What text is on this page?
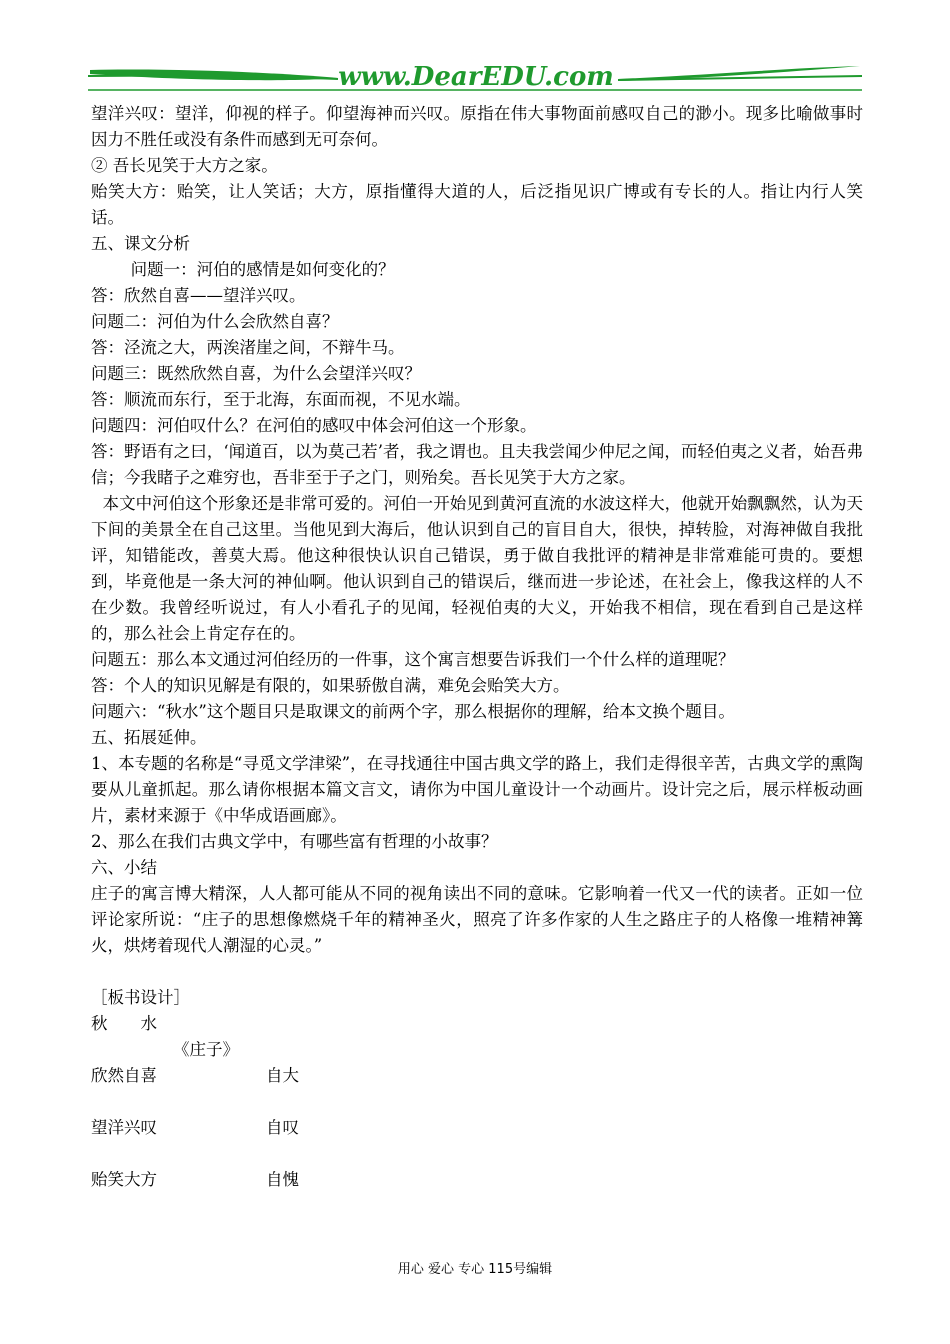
www.DearEDU.com

望洋兴叹：望洋，仰视的样子。仰望海神而兴叹。原指在伟大事物面前感叹自己的渺小。现多比喻做事时因力不胜任或没有条件而感到无可奈何。

② 吾长见笑于大方之家。

贻笑大方：贻笑，让人笑话；大方，原指懂得大道的人，后泛指见识广博或有专长的人。指让内行人笑话。

五、课文分析

问题一：河伯的感情是如何变化的？

答：欣然自喜——望洋兴叹。

问题二：河伯为什么会欣然自喜？

答：泾流之大，两涘渚崖之间，不辩牛马。

问题三：既然欣然自喜，为什么会望洋兴叹？

答：顺流而东行，至于北海，东面而视，不见水端。

问题四：河伯叹什么？在河伯的感叹中体会河伯这一个形象。

答：野语有之曰，‘闻道百，以为莫己若’者，我之谓也。且夫我尝闻少仲尼之闻，而轻伯夷之义者，始吾弗信；今我睹子之难穷也，吾非至于子之门，则殆矣。吾长见笑于大方之家。

本文中河伯这个形象还是非常可爱的。河伯一开始见到黄河直流的水波这样大，他就开始飘飘然，认为天下间的美景全在自己这里。当他见到大海后，他认识到自己的盲目自大，很快，掉转脸，对海神做自我批评，知错能改，善莫大焉。他这种很快认识自己错误，勇于做自我批评的精神是非常难能可贵的。要想到，毕竟他是一条大河的神仙啊。他认识到自己的错误后，继而进一步论述，在社会上，像我这样的人不在少数。我曾经听说过，有人小看孔子的见闻，轻视伯夷的大义，开始我不相信，现在看到自己是这样的，那么社会上肯定存在的。

问题五：那么本文通过河伯经历的一件事，这个寓言想要告诉我们一个什么样的道理呢？

答：个人的知识见解是有限的，如果骄傲自满，难免会贻笑大方。

问题六：“秋水”这个题目只是取课文的前两个字，那么根据你的理解，给本文换个题目。

五、拓展延伸。

1、本专题的名称是“寻觅文学津梁”，在寻找通往中国古典文学的路上，我们走得很辛苦，古典文学的熏陶要从儿童抓起。那么请你根据本篇文言文，请你为中国儿童设计一个动画片。设计完之后，展示样板动画片，素材来源于《中华成语画廊》。

2、那么在我们古典文学中，有哪些富有哲理的小故事？

六、小结

庄子的寓言博大精深，人人都可能从不同的视角读出不同的意味。它影响着一代又一代的读者。正如一位评论家所说：“庄子的思想像燃烧千年的精神圣火，照亮了许多作家的人生之路庄子的人格像一堆精神篝火，烘烤着现代人潮湿的心灵。”

［板书设计］

秋　　水

《庄子》

欣然自喜	自大
望洋兴叹	自叹
贻笑大方	自愧
用心 爱心 专心 115号编辑
